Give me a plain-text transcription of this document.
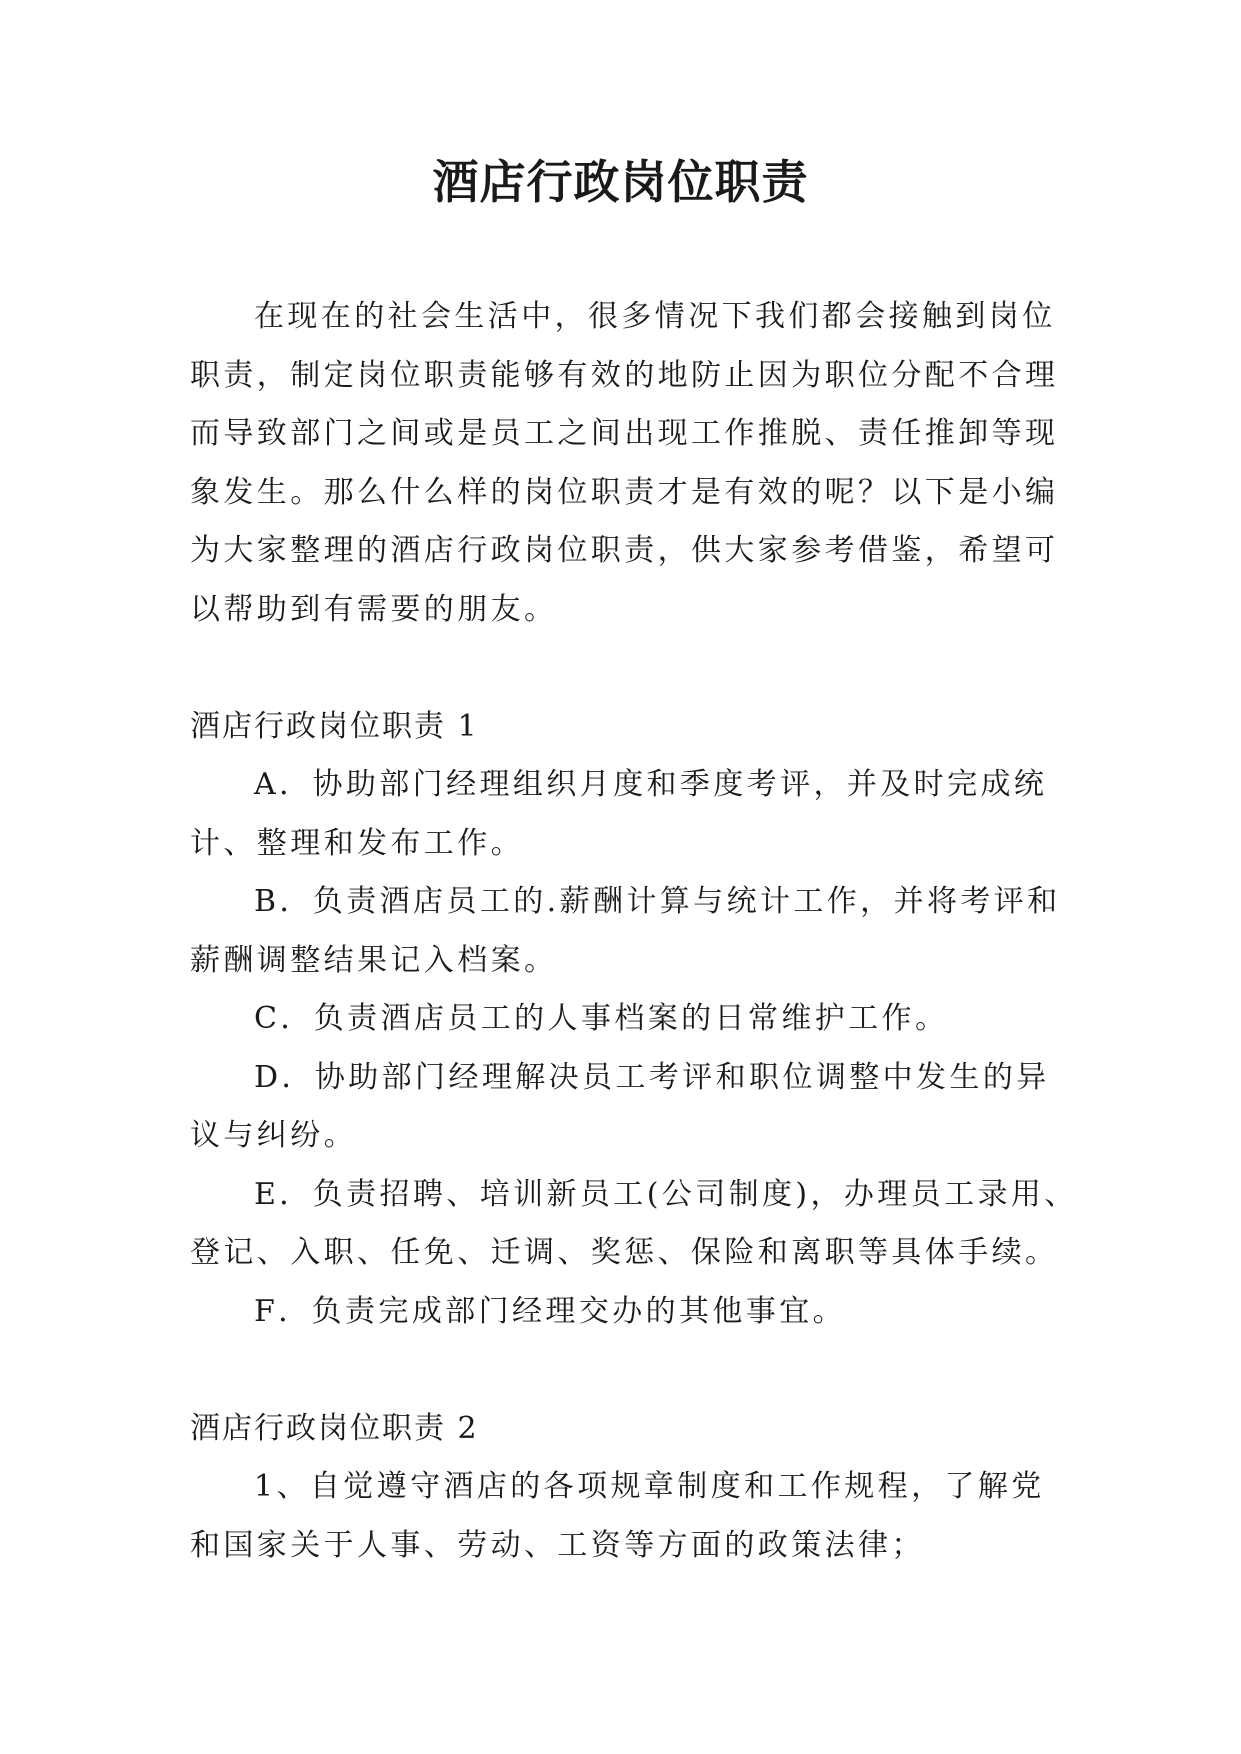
酒店行政岗位职责

在现在的社会生活中，很多情况下我们都会接触到岗位

职责，制定岗位职责能够有效的地防止因为职位分配不合理

而导致部门之间或是员工之间出现工作推脱、责任推卸等现

象发生。那么什么样的岗位职责才是有效的呢？以下是小编

为大家整理的酒店行政岗位职责，供大家参考借鉴，希望可

以帮助到有需要的朋友。

酒店行政岗位职责 1

A．协助部门经理组织月度和季度考评，并及时完成统

计、整理和发布工作。

B．负责酒店员工的.薪酬计算与统计工作，并将考评和

薪酬调整结果记入档案。

C．负责酒店员工的人事档案的日常维护工作。

D．协助部门经理解决员工考评和职位调整中发生的异

议与纠纷。

E．负责招聘、培训新员工(公司制度)，办理员工录用、

登记、入职、任免、迁调、奖惩、保险和离职等具体手续。

F．负责完成部门经理交办的其他事宜。

酒店行政岗位职责 2

1、自觉遵守酒店的各项规章制度和工作规程，了解党

和国家关于人事、劳动、工资等方面的政策法律；
